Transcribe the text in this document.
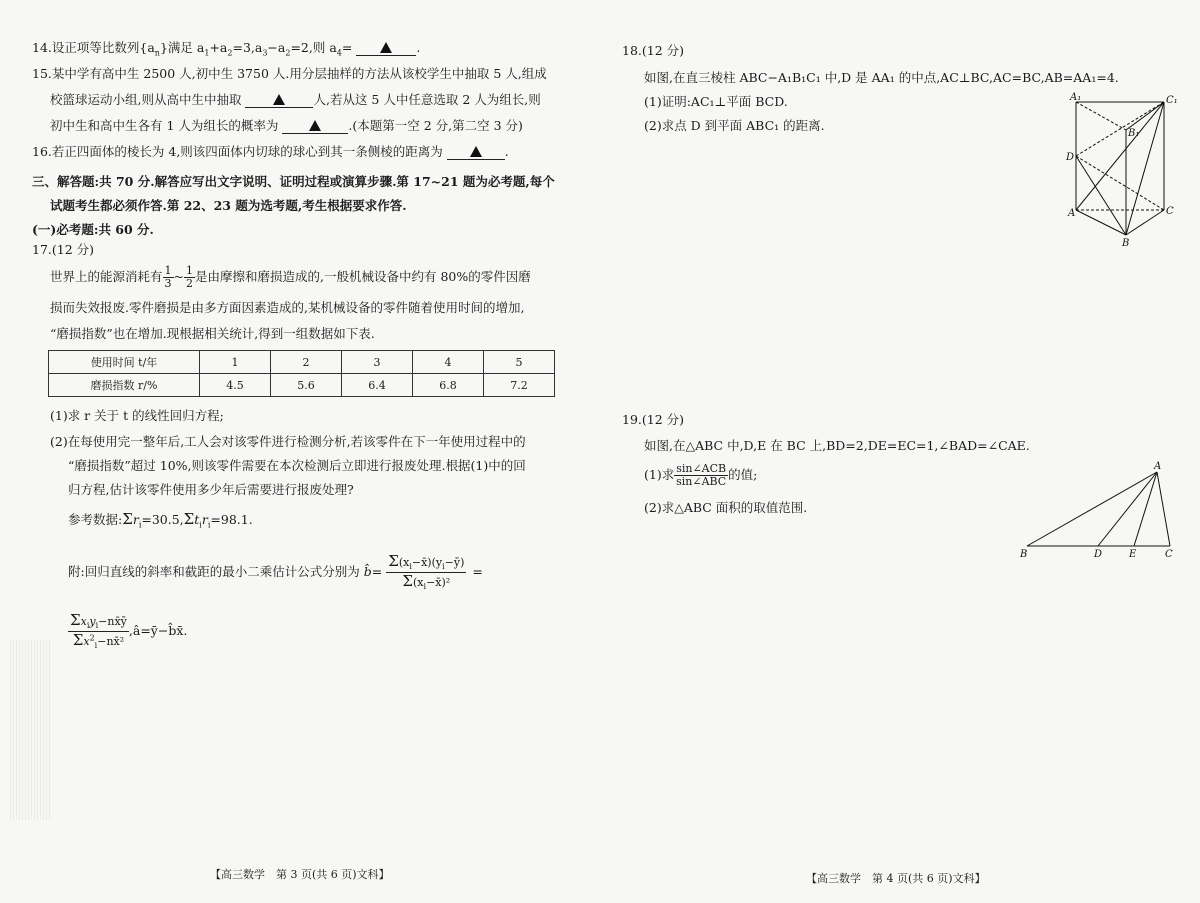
14.设正项等比数列$\{a_n\}$满足 $a_1+a_2=3,a_3-a_2=2$,则 $a_4=$	.
15.某中学有高中生 2500 人,初中生 3750 人.用分层抽样的方法从该校学生中抽取 5 人,组成
校篮球运动小组,则从高中生中抽取	人,若从这 5 人中任意选取 2 人为组长,则
初中生和高中生各有 1 人为组长的概率为	.(本题第一空 2 分,第二空 3 分)
16.若正四面体的棱长为 4,则该四面体内切球的球心到其一条侧棱的距离为	.
三、解答题:共 70 分.解答应写出文字说明、证明过程或演算步骤.第 17~21 题为必考题,每个
试题考生都必须作答.第 22、23 题为选考题,考生根据要求作答.
(一)必考题:共 60 分.
17.(12 分)
世界上的能源消耗有 $\frac{1}{3}$ ~ $\frac{1}{2}$ 是由摩擦和磨损造成的,一般机械设备中约有 80%的零件因磨
损而失效报废.零件磨损是由多方面因素造成的,某机械设备的零件随着使用时间的增加,
“磨损指数”也在增加.现根据相关统计,得到一组数据如下表.
使用时间 t/年	1	2	3	4	5
磨损指数 r/%	4.5	5.6	6.4	6.8	7.2
(1)求 r 关于 t 的线性回归方程;
(2)在每使用完一整年后,工人会对该零件进行检测分析,若该零件在下一年使用过程中的
“磨损指数”超过 10%,则该零件需要在本次检测后立即进行报废处理.根据(1)中的回
归方程,估计该零件使用多少年后需要进行报废处理?
参考数据$:\Sigma r_i=30.5,\Sigma t_ir_i=98.1$.
附:回归直线的斜率和截距的最小二乘估计公式分别为 b̂ = $\frac{\Sigma(x_i-x̄)(y_i-ȳ)}{\Sigma(x_i-x̄)^2}$ =
$\frac{\Sigma x_iy_i-nx̄ȳ}{\Sigma x^2_i-nx̄^2}$ ,â=ȳ−b̂x̄.
【高三数学　第 3 页(共 6 页)文科】
18.(12 分)
如图,在直三棱柱 ABC−A₁B₁C₁ 中,D 是 AA₁ 的中点,AC⊥BC,AC=BC,AB=AA₁=4.
(1)证明:AC₁⊥平面 BCD.
(2)求点 D 到平面 ABC₁ 的距离.
A₁	C₁
B₁
D
A	C
B
19.(12 分)
如图,在△ABC 中,D,E 在 BC 上,BD=2,DE=EC=1,∠BAD=∠CAE.
(1)求 $\frac{\text{sin∠ACB}}{\text{sin∠ABC}}$ 的值;
(2)求△ABC 面积的取值范围.
A
B	D	E	C
【高三数学　第 4 页(共 6 页)文科】
